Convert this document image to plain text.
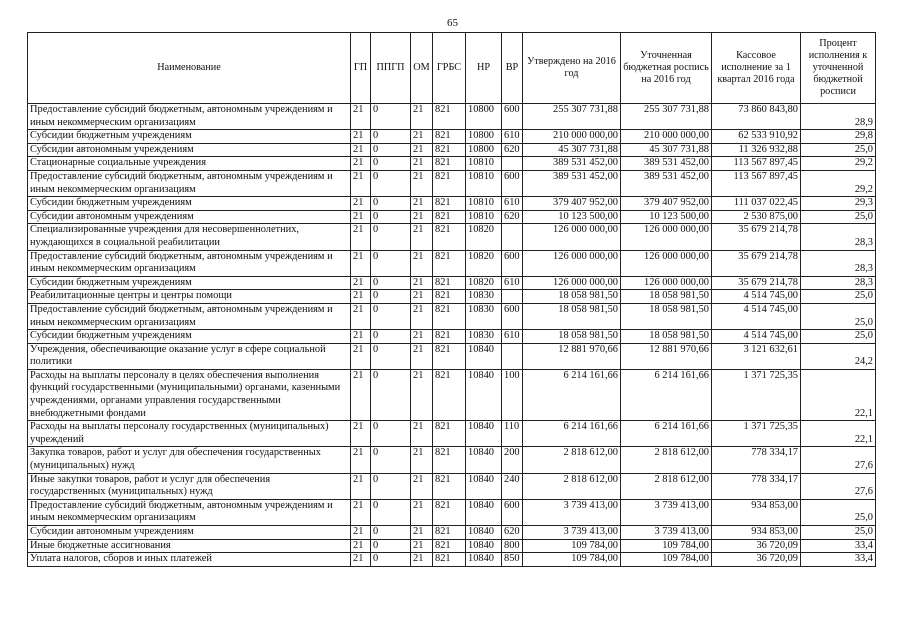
65
Наименование	ГП	ППГП	ОМ	ГРБС	НР	ВР	Утверждено на 2016 год	Уточненная бюджетная роспись на 2016 год	Кассовое исполнение за 1 квартал 2016 года	Процент исполнения к уточненной бюджетной росписи
Предоставление субсидий бюджетным, автономным учреждениям и иным некоммерческим организациям	21	0	21	821	10800	600	255 307 731,88	255 307 731,88	73 860 843,80	28,9
Субсидии бюджетным учреждениям	21	0	21	821	10800	610	210 000 000,00	210 000 000,00	62 533 910,92	29,8
Субсидии автономным учреждениям	21	0	21	821	10800	620	45 307 731,88	45 307 731,88	11 326 932,88	25,0
Стационарные социальные учреждения	21	0	21	821	10810		389 531 452,00	389 531 452,00	113 567 897,45	29,2
Предоставление субсидий бюджетным, автономным учреждениям и иным некоммерческим организациям	21	0	21	821	10810	600	389 531 452,00	389 531 452,00	113 567 897,45	29,2
Субсидии бюджетным учреждениям	21	0	21	821	10810	610	379 407 952,00	379 407 952,00	111 037 022,45	29,3
Субсидии автономным учреждениям	21	0	21	821	10810	620	10 123 500,00	10 123 500,00	2 530 875,00	25,0
Специализированные учреждения для несовершеннолетних, нуждающихся в социальной реабилитации	21	0	21	821	10820		126 000 000,00	126 000 000,00	35 679 214,78	28,3
Предоставление субсидий бюджетным, автономным учреждениям и иным некоммерческим организациям	21	0	21	821	10820	600	126 000 000,00	126 000 000,00	35 679 214,78	28,3
Субсидии бюджетным учреждениям	21	0	21	821	10820	610	126 000 000,00	126 000 000,00	35 679 214,78	28,3
Реабилитационные центры и центры помощи	21	0	21	821	10830		18 058 981,50	18 058 981,50	4 514 745,00	25,0
Предоставление субсидий бюджетным, автономным учреждениям и иным некоммерческим организациям	21	0	21	821	10830	600	18 058 981,50	18 058 981,50	4 514 745,00	25,0
Субсидии бюджетным учреждениям	21	0	21	821	10830	610	18 058 981,50	18 058 981,50	4 514 745,00	25,0
Учреждения, обеспечивающие оказание услуг в сфере социальной политики	21	0	21	821	10840		12 881 970,66	12 881 970,66	3 121 632,61	24,2
Расходы на выплаты персоналу в целях обеспечения выполнения функций государственными (муниципальными) органами, казенными учреждениями, органами управления государственными внебюджетными фондами	21	0	21	821	10840	100	6 214 161,66	6 214 161,66	1 371 725,35	22,1
Расходы на выплаты персоналу государственных (муниципальных) учреждений	21	0	21	821	10840	110	6 214 161,66	6 214 161,66	1 371 725,35	22,1
Закупка товаров, работ и услуг для обеспечения государственных (муниципальных) нужд	21	0	21	821	10840	200	2 818 612,00	2 818 612,00	778 334,17	27,6
Иные закупки товаров, работ и услуг для обеспечения государственных (муниципальных) нужд	21	0	21	821	10840	240	2 818 612,00	2 818 612,00	778 334,17	27,6
Предоставление субсидий бюджетным, автономным учреждениям и иным некоммерческим организациям	21	0	21	821	10840	600	3 739 413,00	3 739 413,00	934 853,00	25,0
Субсидии автономным учреждениям	21	0	21	821	10840	620	3 739 413,00	3 739 413,00	934 853,00	25,0
Иные бюджетные ассигнования	21	0	21	821	10840	800	109 784,00	109 784,00	36 720,09	33,4
Уплата налогов, сборов и иных платежей	21	0	21	821	10840	850	109 784,00	109 784,00	36 720,09	33,4
